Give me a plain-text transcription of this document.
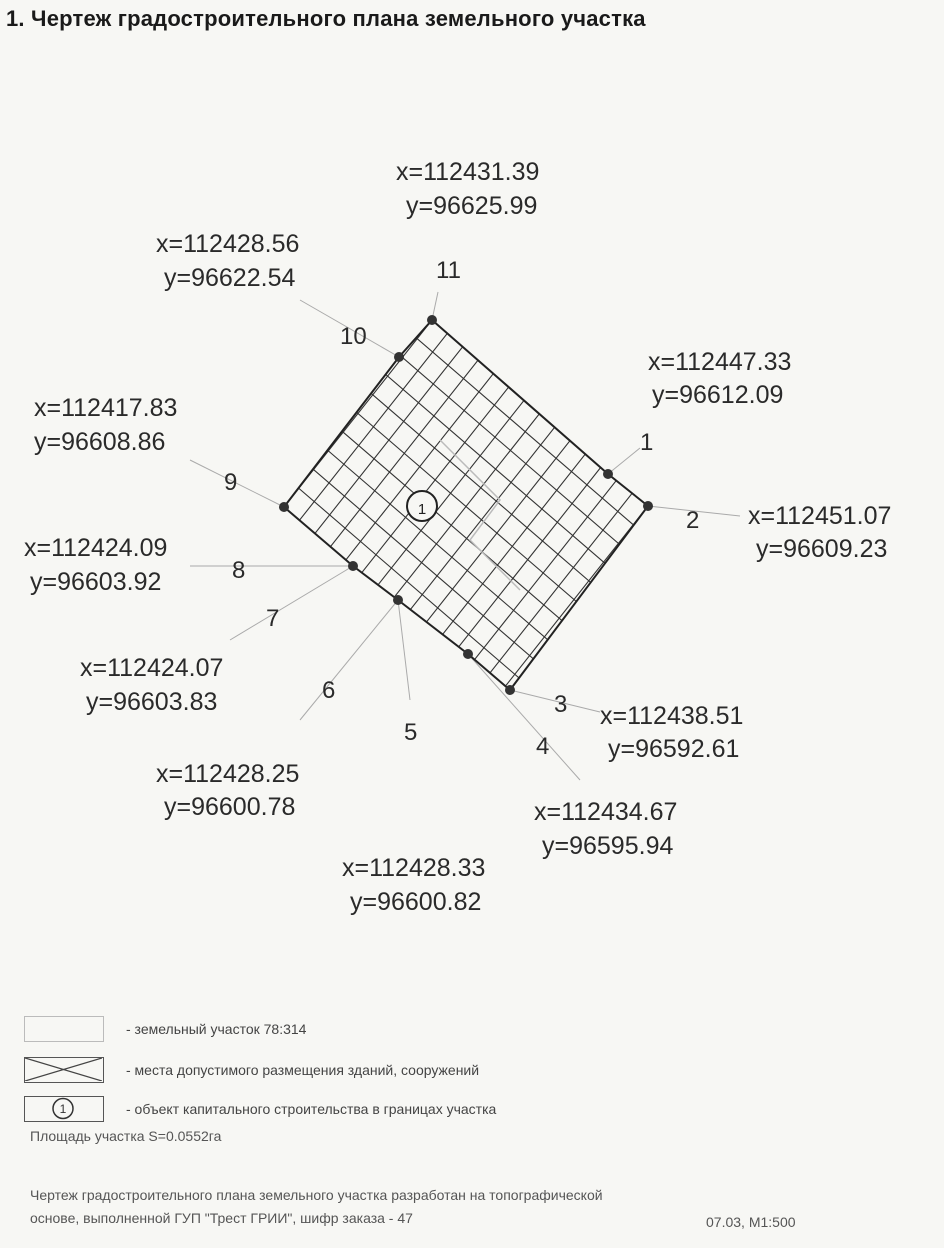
1. Чертеж градостроительного плана земельного участка
1
1
2
3
4
5
6
7
8
9
10
11
x=112447.33
y=96612.09
x=112451.07
y=96609.23
x=112438.51
y=96592.61
x=112434.67
y=96595.94
x=112428.33
y=96600.82
x=112428.25
y=96600.78
x=112424.07
y=96603.83
x=112424.09
y=96603.92
x=112417.83
y=96608.86
x=112428.56
y=96622.54
x=112431.39
y=96625.99
- земельный участок 78:314
- места допустимого размещения зданий, сооружений
1	- объект капитального строительства в границах участка
Площадь участка S=0.0552га
Чертеж градостроительного плана земельного участка разработан на топографической
основе, выполненной ГУП "Трест ГРИИ", шифр заказа - 47	07.03, М1:500
